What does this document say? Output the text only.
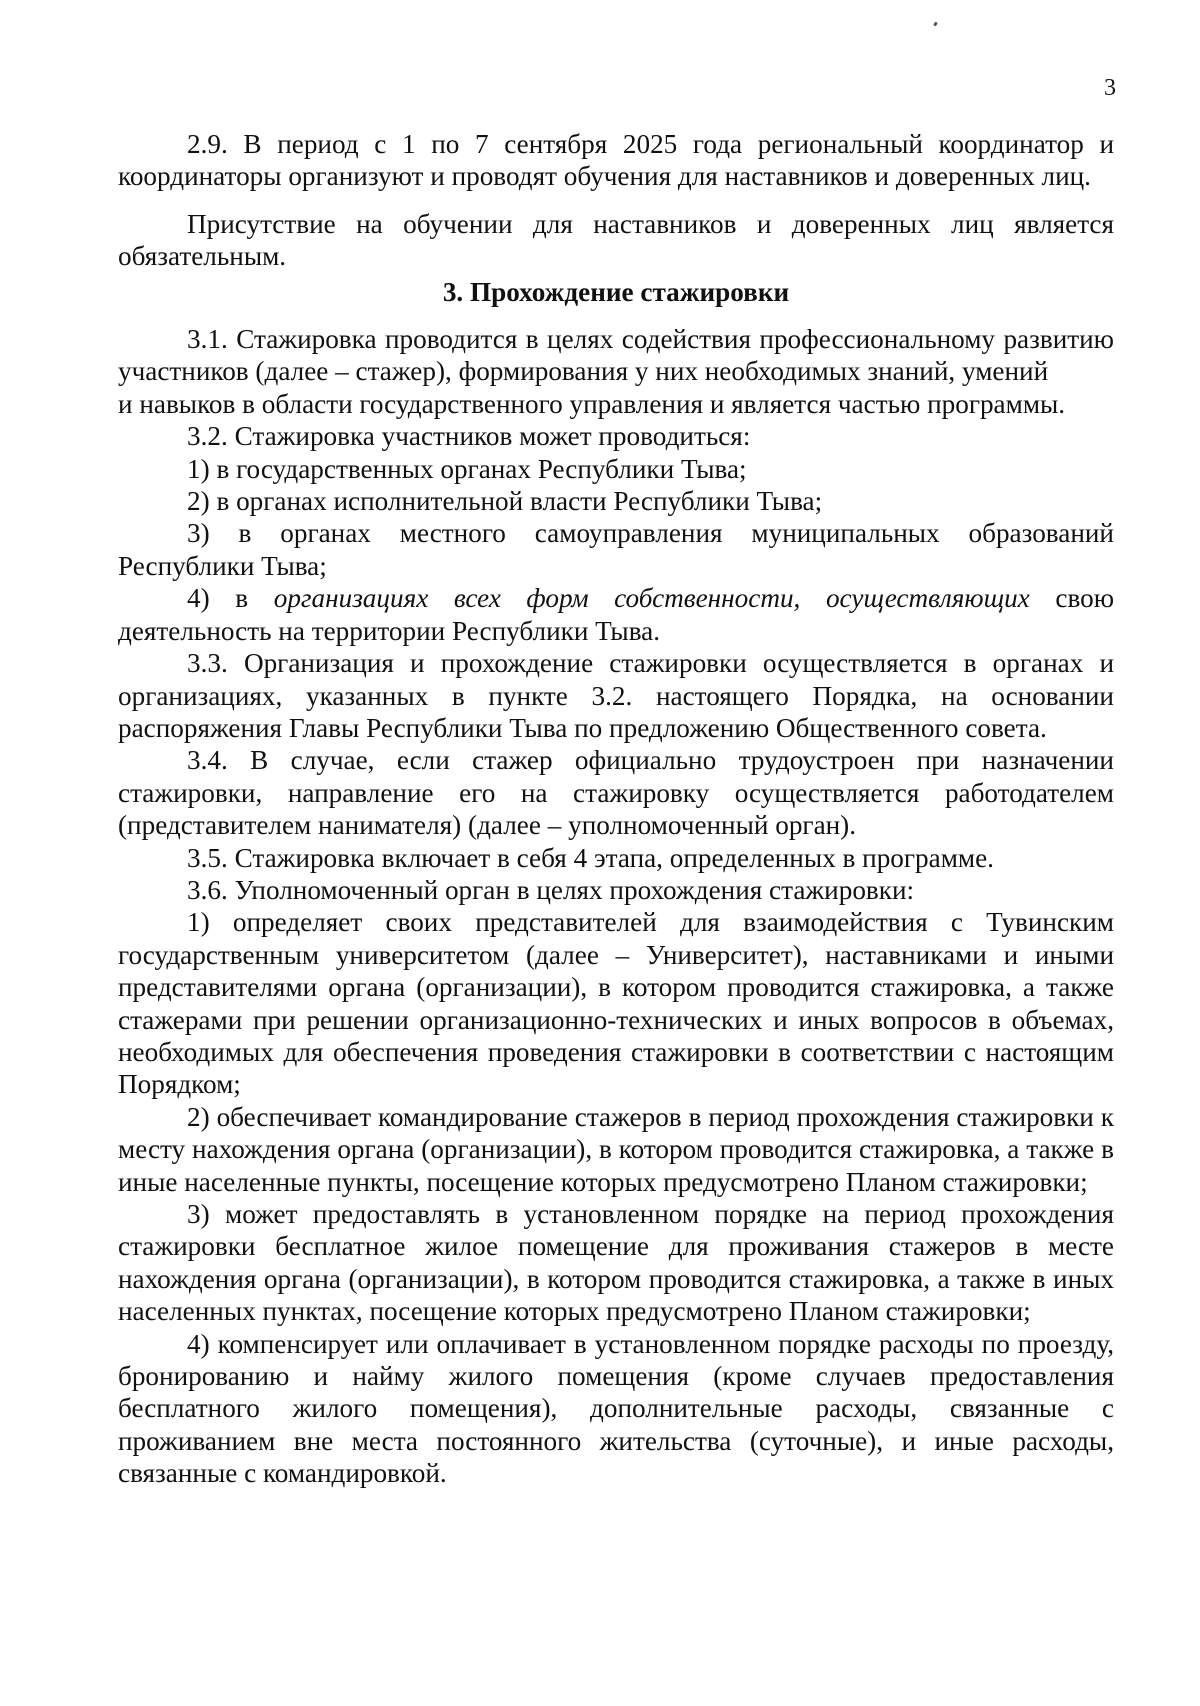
3

2.9. В период с 1 по 7 сентября 2025 года региональный координатор и координаторы организуют и проводят обучения для наставников и доверенных лиц.

Присутствие на обучении для наставников и доверенных лиц является обязательным.

3. Прохождение стажировки

3.1. Стажировка проводится в целях содействия профессиональному развитию участников (далее – стажер), формирования у них необходимых знаний, умений

и навыков в области государственного управления и является частью программы.

3.2. Стажировка участников может проводиться:

1) в государственных органах Республики Тыва;

2) в органах исполнительной власти Республики Тыва;

3) в органах местного самоуправления муниципальных образований Республики Тыва;

4) в организациях всех форм собственности, осуществляющих свою деятельность на территории Республики Тыва.

3.3. Организация и прохождение стажировки осуществляется в органах и организациях, указанных в пункте 3.2. настоящего Порядка, на основании распоряжения Главы Республики Тыва по предложению Общественного совета.

3.4. В случае, если стажер официально трудоустроен при назначении стажировки, направление его на стажировку осуществляется работодателем (представителем нанимателя) (далее – уполномоченный орган).

3.5. Стажировка включает в себя 4 этапа, определенных в программе.

3.6. Уполномоченный орган в целях прохождения стажировки:

1) определяет своих представителей для взаимодействия с Тувинским государственным университетом (далее – Университет), наставниками и иными представителями органа (организации), в котором проводится стажировка, а также стажерами при решении организационно-технических и иных вопросов в объемах, необходимых для обеспечения проведения стажировки в соответствии с настоящим Порядком;

2) обеспечивает командирование стажеров в период прохождения стажировки к месту нахождения органа (организации), в котором проводится стажировка, а также в иные населенные пункты, посещение которых предусмотрено Планом стажировки;

3) может предоставлять в установленном порядке на период прохождения стажировки бесплатное жилое помещение для проживания стажеров в месте нахождения органа (организации), в котором проводится стажировка, а также в иных населенных пунктах, посещение которых предусмотрено Планом стажировки;

4) компенсирует или оплачивает в установленном порядке расходы по проезду, бронированию и найму жилого помещения (кроме случаев предоставления бесплатного жилого помещения), дополнительные расходы, связанные с проживанием вне места постоянного жительства (суточные), и иные расходы, связанные с командировкой.
